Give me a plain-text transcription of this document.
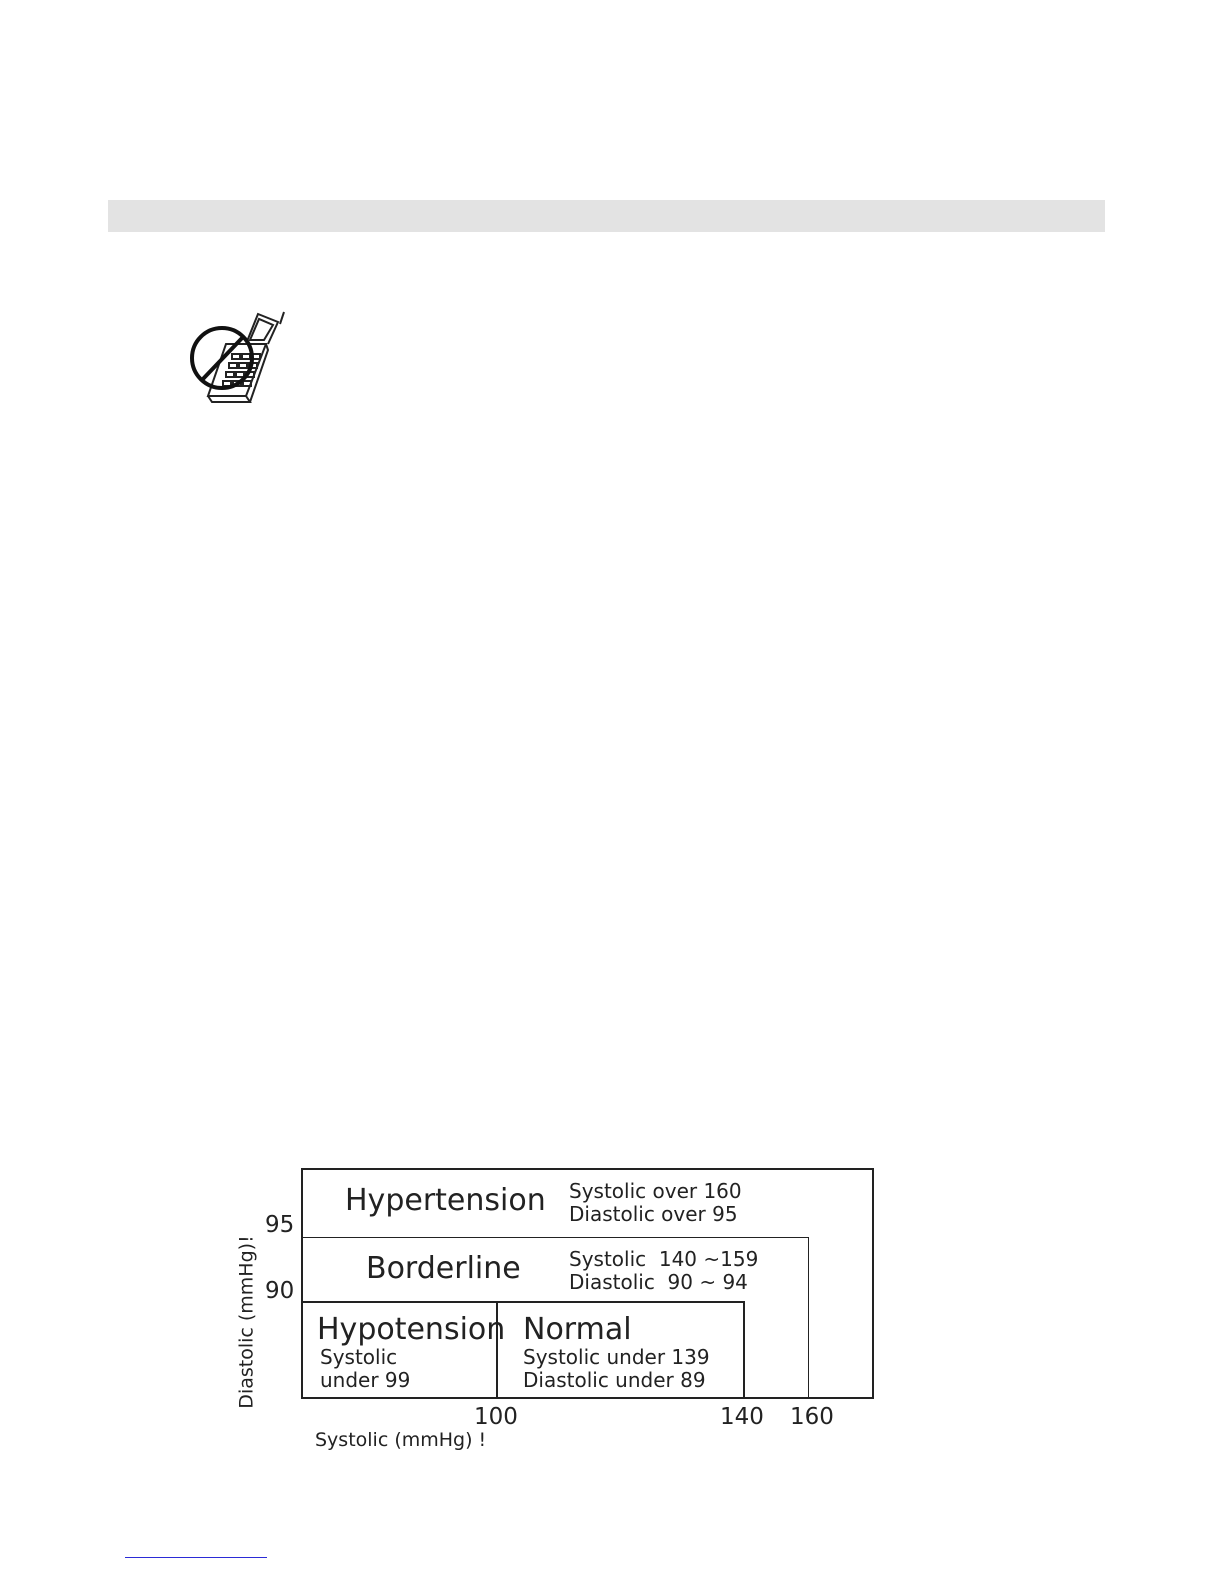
Hypertension Systolic over 160
Diastolic over 95
Borderline Systolic  140 ~159
Diastolic  90 ~ 94
Hypotension
Systolic
under 99
Normal
Systolic under 139
Diastolic under 89
95
90
100	140 160
Systolic (mmHg) !
Diastolic (mmHg)!
